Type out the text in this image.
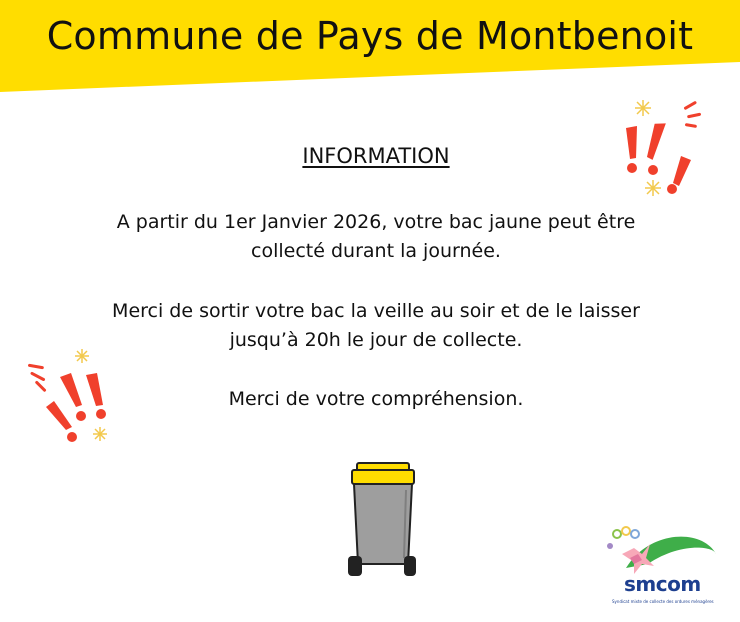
Commune de Pays de Montbenoit
INFORMATION
A partir du 1er Janvier 2026, votre bac jaune peut être collecté durant la journée.
Merci de sortir votre bac la veille au soir et de le laisser jusqu’à 20h le jour de collecte.
Merci de votre compréhension.
smcom
Syndicat mixte de collecte des ordures ménagères
